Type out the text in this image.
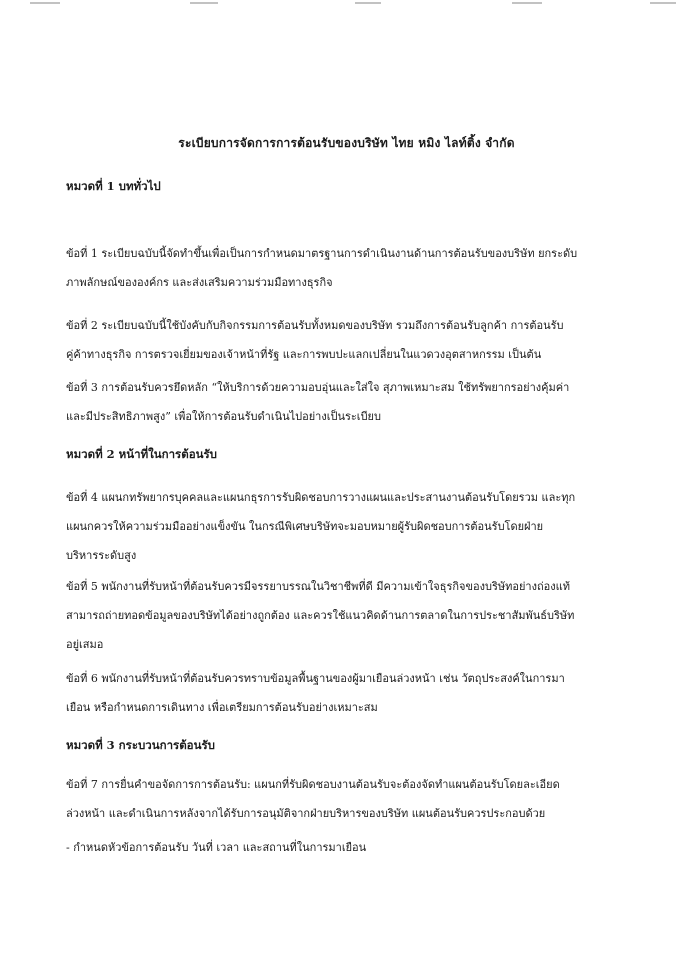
ระเบียบการจัดการการต้อนรับของบริษัท ไทย หมิง ไลท์ติ้ง จำกัด
หมวดที่ 1 บททั่วไป
ข้อที่ 1 ระเบียบฉบับนี้จัดทำขึ้นเพื่อเป็นการกำหนดมาตรฐานการดำเนินงานด้านการต้อนรับของบริษัท ยกระดับ
ภาพลักษณ์ขององค์กร และส่งเสริมความร่วมมือทางธุรกิจ
ข้อที่ 2 ระเบียบฉบับนี้ใช้บังคับกับกิจกรรมการต้อนรับทั้งหมดของบริษัท รวมถึงการต้อนรับลูกค้า การต้อนรับ
คู่ค้าทางธุรกิจ การตรวจเยี่ยมของเจ้าหน้าที่รัฐ และการพบปะแลกเปลี่ยนในแวดวงอุตสาหกรรม เป็นต้น
ข้อที่ 3 การต้อนรับควรยึดหลัก “ให้บริการด้วยความอบอุ่นและใส่ใจ สุภาพเหมาะสม ใช้ทรัพยากรอย่างคุ้มค่า
และมีประสิทธิภาพสูง” เพื่อให้การต้อนรับดำเนินไปอย่างเป็นระเบียบ
หมวดที่ 2 หน้าที่ในการต้อนรับ
ข้อที่ 4 แผนกทรัพยากรบุคคลและแผนกธุรการรับผิดชอบการวางแผนและประสานงานต้อนรับโดยรวม และทุก
แผนกควรให้ความร่วมมืออย่างแข็งขัน ในกรณีพิเศษบริษัทจะมอบหมายผู้รับผิดชอบการต้อนรับโดยฝ่าย
บริหารระดับสูง
ข้อที่ 5 พนักงานที่รับหน้าที่ต้อนรับควรมีจรรยาบรรณในวิชาชีพที่ดี มีความเข้าใจธุรกิจของบริษัทอย่างถ่องแท้
สามารถถ่ายทอดข้อมูลของบริษัทได้อย่างถูกต้อง และควรใช้แนวคิดด้านการตลาดในการประชาสัมพันธ์บริษัท
อยู่เสมอ
ข้อที่ 6 พนักงานที่รับหน้าที่ต้อนรับควรทราบข้อมูลพื้นฐานของผู้มาเยือนล่วงหน้า เช่น วัตถุประสงค์ในการมา
เยือน หรือกำหนดการเดินทาง เพื่อเตรียมการต้อนรับอย่างเหมาะสม
หมวดที่ 3 กระบวนการต้อนรับ
ข้อที่ 7 การยื่นคำขอจัดการการต้อนรับ: แผนกที่รับผิดชอบงานต้อนรับจะต้องจัดทำแผนต้อนรับโดยละเอียด
ล่วงหน้า และดำเนินการหลังจากได้รับการอนุมัติจากฝ่ายบริหารของบริษัท แผนต้อนรับควรประกอบด้วย
- กำหนดหัวข้อการต้อนรับ วันที่ เวลา และสถานที่ในการมาเยือน
